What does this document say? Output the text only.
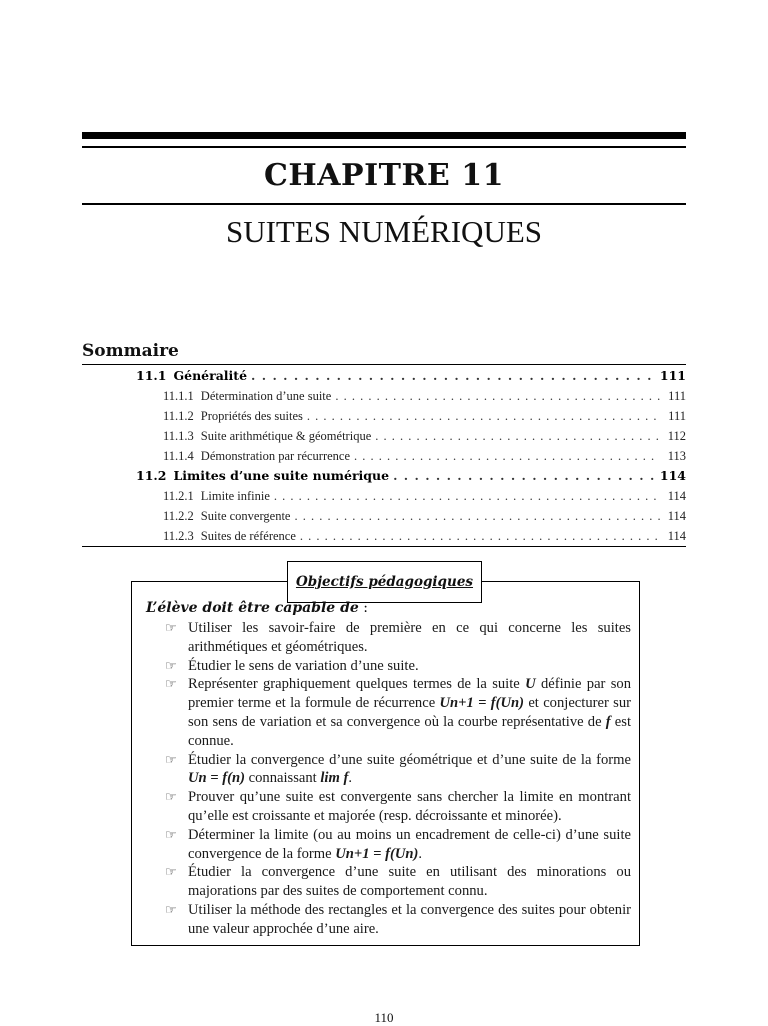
CHAPITRE 11
SUITES NUMÉRIQUES
Sommaire
11.1 Généralité . . .	111
11.1.1 Détermination d’une suite . . .	111
11.1.2 Propriétés des suites . . .	111
11.1.3 Suite arithmétique & géométrique . . .	112
11.1.4 Démonstration par récurrence . . .	113
11.2 Limites d’une suite numérique . . .	114
11.2.1 Limite infinie . . .	114
11.2.2 Suite convergente . . .	114
11.2.3 Suites de référence . . .	114
Objectifs pédagogiques
L’élève doit être capable de :
☞ Utiliser les savoir-faire de première en ce qui concerne les suites arithmétiques et géométriques.
☞ Étudier le sens de variation d’une suite.
☞ Représenter graphiquement quelques termes de la suite U définie par son premier terme et la formule de récurrence Un+1 = f(Un) et conjecturer sur son sens de variation et sa convergence où la courbe représentative de f est connue.
☞ Étudier la convergence d’une suite géométrique et d’une suite de la forme Un = f(n) connaissant lim f.
☞ Prouver qu’une suite est convergente sans chercher la limite en montrant qu’elle est croissante et majorée (resp. décroissante et minorée).
☞ Déterminer la limite (ou au moins un encadrement de celle-ci) d’une suite convergence de la forme Un+1 = f(Un).
☞ Étudier la convergence d’une suite en utilisant des minorations ou majorations par des suites de comportement connu.
☞ Utiliser la méthode des rectangles et la convergence des suites pour obtenir une valeur approchée d’une aire.
110
